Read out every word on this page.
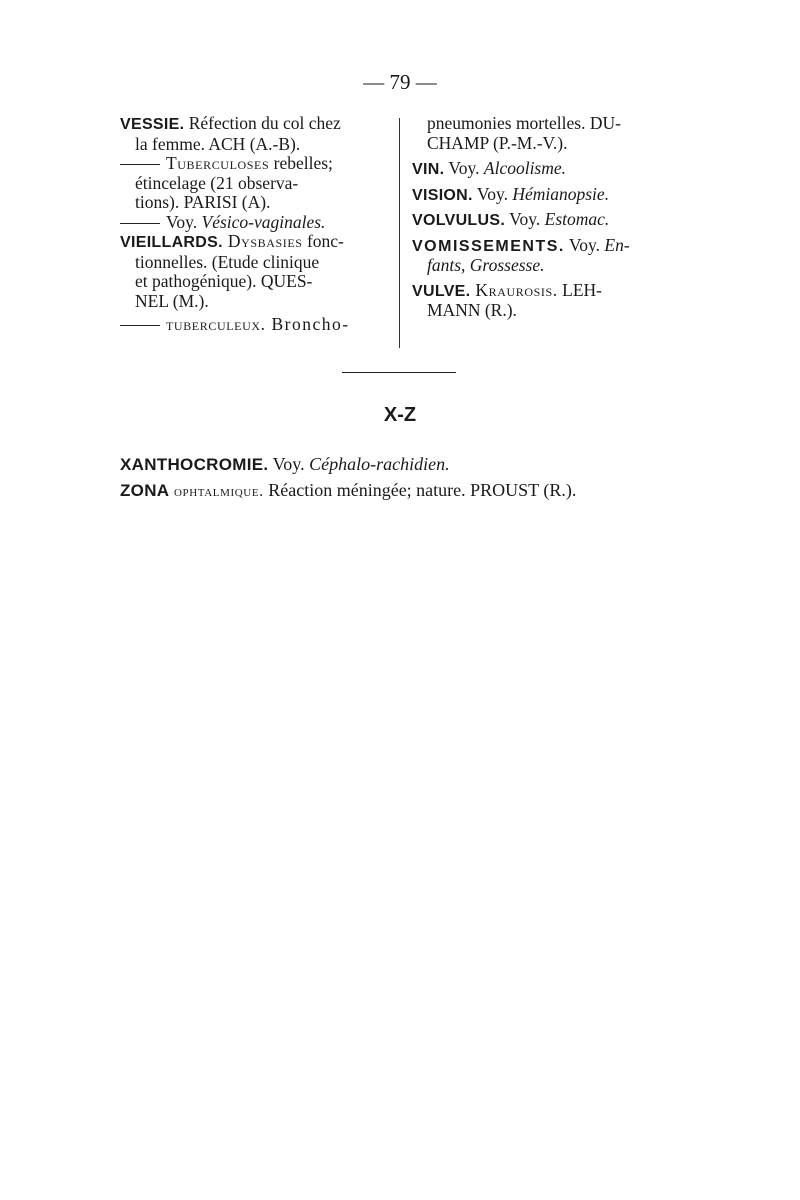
— 79 —
VESSIE. Réfection du col chez
la femme. ACH (A.-B).
Tuberculoses rebelles;
étincelage (21 observa-
tions). PARISI (A).
Voy. Vésico-vaginales.
VIEILLARDS. Dysbasies fonc-
tionnelles. (Etude clinique
et pathogénique). QUES-
NEL (M.).
tuberculeux. Broncho-
pneumonies mortelles. DU-
CHAMP (P.-M.-V.).
VIN. Voy. Alcoolisme.
VISION. Voy. Hémianopsie.
VOLVULUS. Voy. Estomac.
VOMISSEMENTS. Voy. En-
fants, Grossesse.
VULVE. Kraurosis. LEH-
MANN (R.).
X-Z
XANTHOCROMIE. Voy. Céphalo-rachidien.
ZONA ophtalmique. Réaction méningée; nature. PROUST (R.).
